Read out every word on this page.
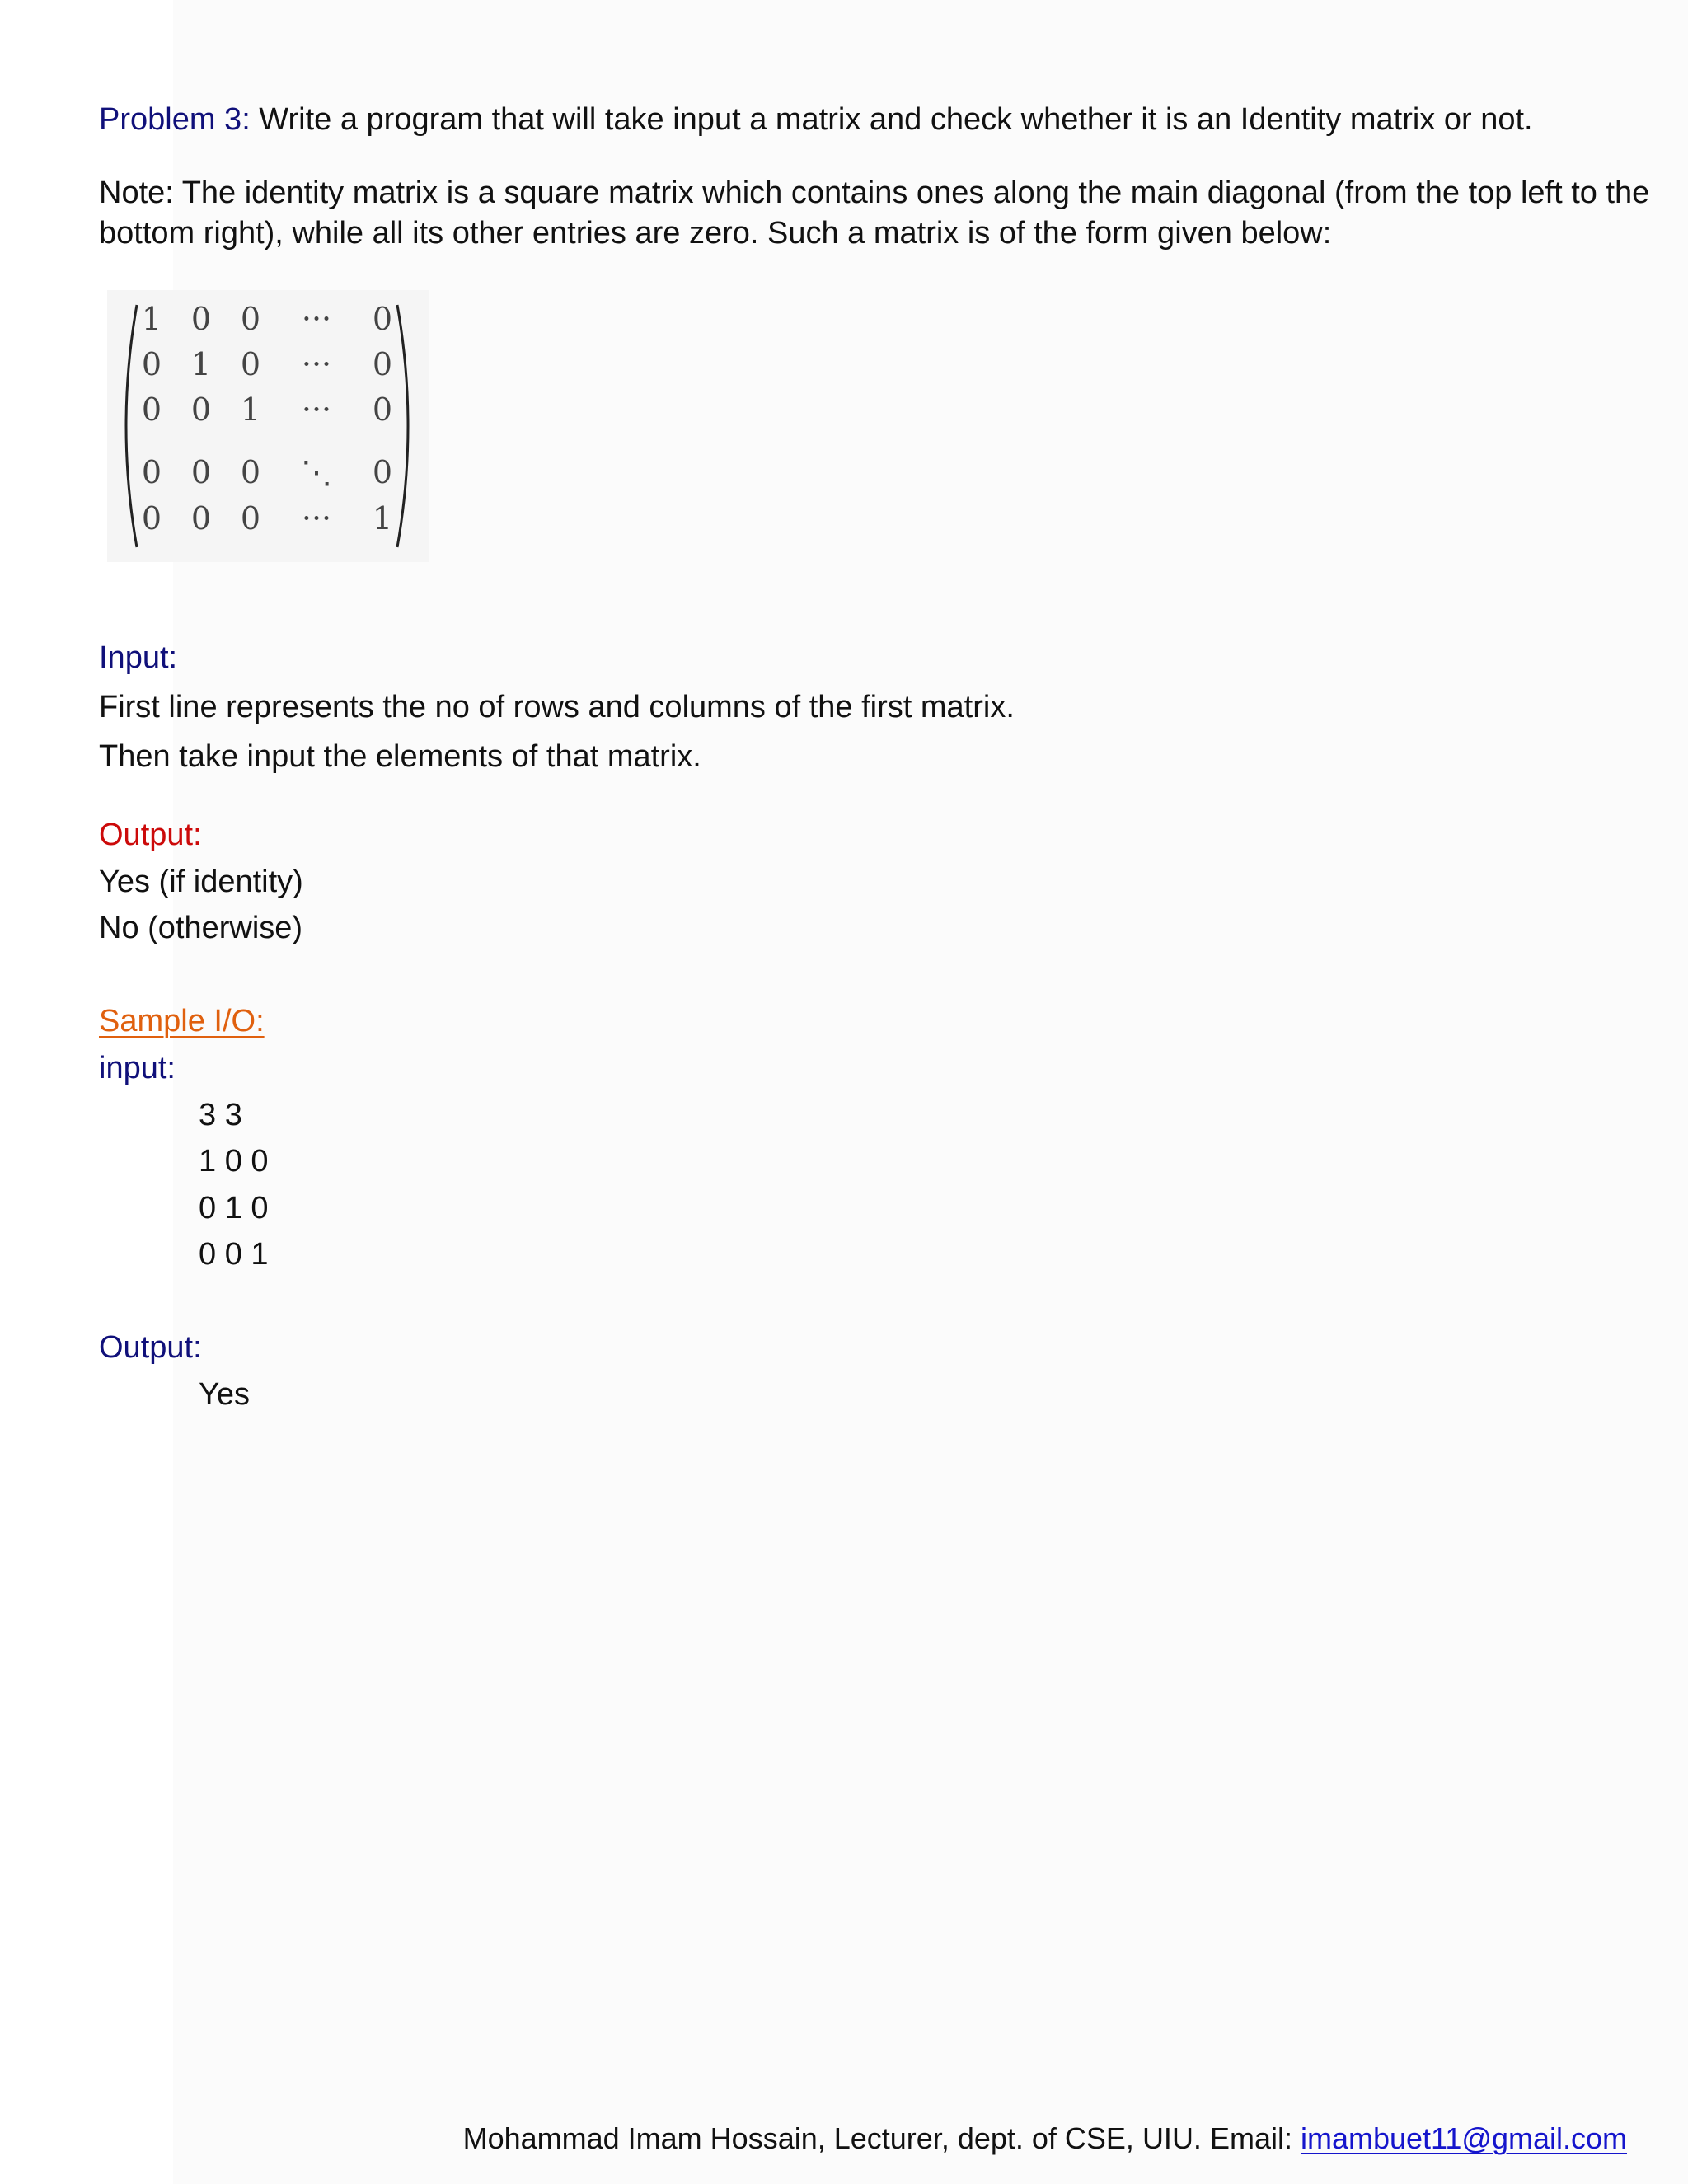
Problem 3: Write a program that will take input a matrix and check whether it is an Identity matrix or not.

Note: The identity matrix is a square matrix which contains ones along the main diagonal (from the top left to the

bottom right), while all its other entries are zero. Such a matrix is of the form given below:

1 0 0 ··· 0
0 1 0 ··· 0
0 0 1 ··· 0
0 0 0 ⋱ 0
0 0 0 ··· 1

Input:

First line represents the no of rows and columns of the first matrix.

Then take input the elements of that matrix.

Output:

Yes (if identity)

No (otherwise)

Sample I/O:

input:

3 3

1 0 0

0 1 0

0 0 1

Output:

Yes

Mohammad Imam Hossain, Lecturer, dept. of CSE, UIU. Email: imambuet11@gmail.com
